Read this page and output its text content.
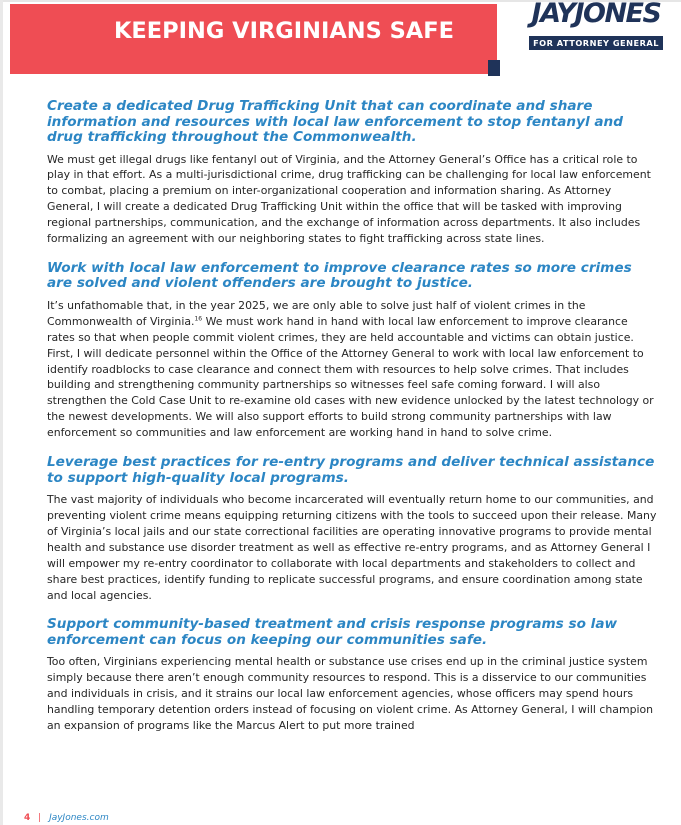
KEEPING VIRGINIANS SAFE
JAYJONES
FOR ATTORNEY GENERAL

Create a dedicated Drug Trafficking Unit that can coordinate and share information and resources with local law enforcement to stop fentanyl and drug trafficking throughout the Commonwealth.

We must get illegal drugs like fentanyl out of Virginia, and the Attorney General’s Office has a critical role to play in that effort. As a multi-jurisdictional crime, drug trafficking can be challenging for local law enforcement to combat, placing a premium on inter-organizational cooperation and information sharing. As Attorney General, I will create a dedicated Drug Trafficking Unit within the office that will be tasked with improving regional partnerships, communication, and the exchange of information across departments. It also includes formalizing an agreement with our neighboring states to fight trafficking across state lines.

Work with local law enforcement to improve clearance rates so more crimes are solved and violent offenders are brought to justice.

It’s unfathomable that, in the year 2025, we are only able to solve just half of violent crimes in the Commonwealth of Virginia.$^{16}$ We must work hand in hand with local law enforcement to improve clearance rates so that when people commit violent crimes, they are held accountable and victims can obtain justice. First, I will dedicate personnel within the Office of the Attorney General to work with local law enforcement to identify roadblocks to case clearance and connect them with resources to help solve crimes. That includes building and strengthening community partnerships so witnesses feel safe coming forward. I will also strengthen the Cold Case Unit to re-examine old cases with new evidence unlocked by the latest technology or the newest developments. We will also support efforts to build strong community partnerships with law enforcement so communities and law enforcement are working hand in hand to solve crime.

Leverage best practices for re-entry programs and deliver technical assistance to support high-quality local programs.

The vast majority of individuals who become incarcerated will eventually return home to our communities, and preventing violent crime means equipping returning citizens with the tools to succeed upon their release. Many of Virginia’s local jails and our state correctional facilities are operating innovative programs to provide mental health and substance use disorder treatment as well as effective re-entry programs, and as Attorney General I will empower my re-entry coordinator to collaborate with local departments and stakeholders to collect and share best practices, identify funding to replicate successful programs, and ensure coordination among state and local agencies.

Support community-based treatment and crisis response programs so law enforcement can focus on keeping our communities safe.

Too often, Virginians experiencing mental health or substance use crises end up in the criminal justice system simply because there aren’t enough community resources to respond. This is a disservice to our communities and individuals in crisis, and it strains our local law enforcement agencies, whose officers may spend hours handling temporary detention orders instead of focusing on violent crime. As Attorney General, I will champion an expansion of programs like the Marcus Alert to put more trained

4 | JayJones.com
